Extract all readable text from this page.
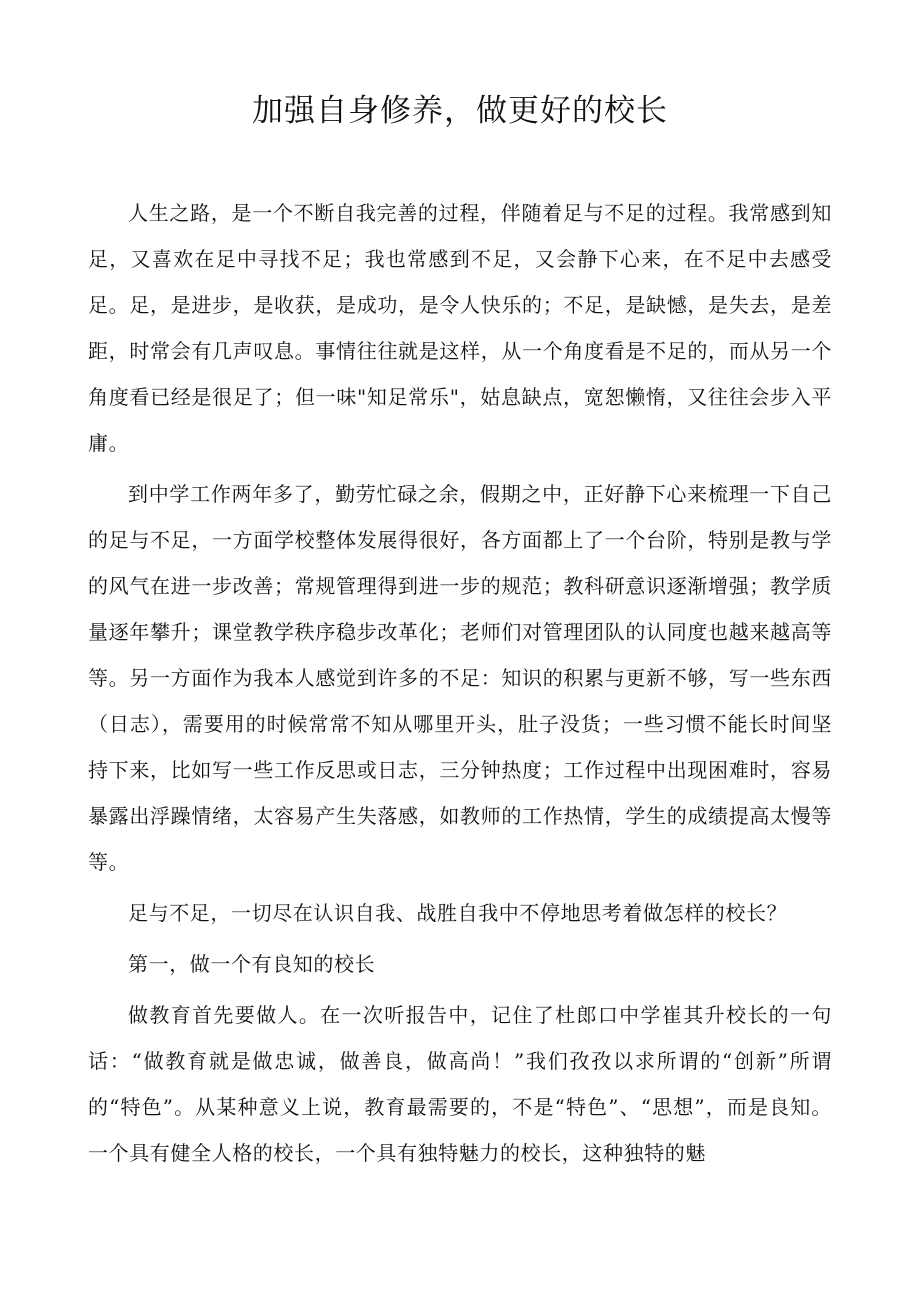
加强自身修养，做更好的校长

人生之路，是一个不断自我完善的过程，伴随着足与不足的过程。我常感到知足，又喜欢在足中寻找不足；我也常感到不足，又会静下心来，在不足中去感受足。足，是进步，是收获，是成功，是令人快乐的；不足，是缺憾，是失去，是差距，时常会有几声叹息。事情往往就是这样，从一个角度看是不足的，而从另一个角度看已经是很足了；但一味"知足常乐"，姑息缺点，宽恕懒惰，又往往会步入平庸。

到中学工作两年多了，勤劳忙碌之余，假期之中，正好静下心来梳理一下自己的足与不足，一方面学校整体发展得很好，各方面都上了一个台阶，特别是教与学的风气在进一步改善；常规管理得到进一步的规范；教科研意识逐渐增强；教学质量逐年攀升；课堂教学秩序稳步改革化；老师们对管理团队的认同度也越来越高等等。另一方面作为我本人感觉到许多的不足：知识的积累与更新不够，写一些东西（日志），需要用的时候常常不知从哪里开头，肚子没货；一些习惯不能长时间坚持下来，比如写一些工作反思或日志，三分钟热度；工作过程中出现困难时，容易暴露出浮躁情绪，太容易产生失落感，如教师的工作热情，学生的成绩提高太慢等等。

足与不足，一切尽在认识自我、战胜自我中不停地思考着做怎样的校长？

第一，做一个有良知的校长

做教育首先要做人。在一次听报告中，记住了杜郎口中学崔其升校长的一句话：“做教育就是做忠诚，做善良，做高尚！”我们孜孜以求所谓的“创新”所谓的“特色”。从某种意义上说，教育最需要的，不是“特色”、“思想”，而是良知。一个具有健全人格的校长，一个具有独特魅力的校长，这种独特的魅
